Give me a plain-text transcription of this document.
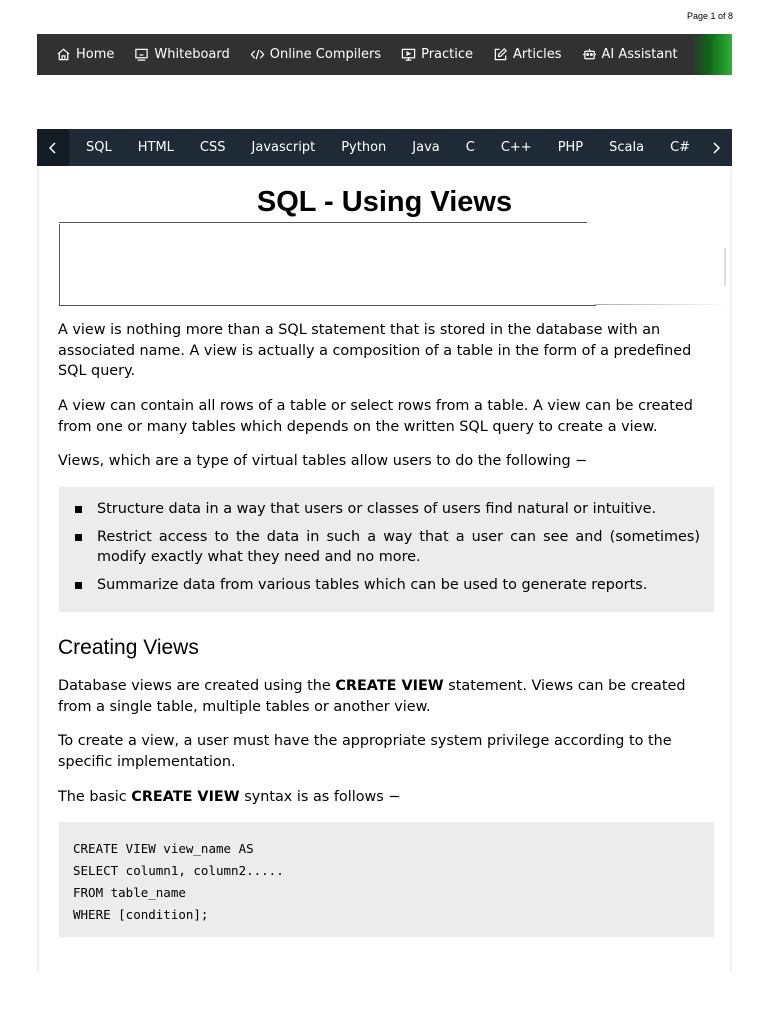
Page 1 of 8
Home	Whiteboard	Online Compilers	Practice	Articles	AI Assistant
SQL HTML CSS Javascript Python Java C C++ PHP Scala C#
SQL - Using Views

A view is nothing more than a SQL statement that is stored in the database with an associated name. A view is actually a composition of a table in the form of a predefined SQL query.

A view can contain all rows of a table or select rows from a table. A view can be created from one or many tables which depends on the written SQL query to create a view.

Views, which are a type of virtual tables allow users to do the following −

Structure data in a way that users or classes of users find natural or intuitive.
Restrict access to the data in such a way that a user can see and (sometimes) modify exactly what they need and no more.
Summarize data from various tables which can be used to generate reports.
Creating Views

Database views are created using the CREATE VIEW statement. Views can be created from a single table, multiple tables or another view.

To create a view, a user must have the appropriate system privilege according to the specific implementation.

The basic CREATE VIEW syntax is as follows −

CREATE VIEW view_name AS
SELECT column1, column2.....
FROM table_name
WHERE [condition];
